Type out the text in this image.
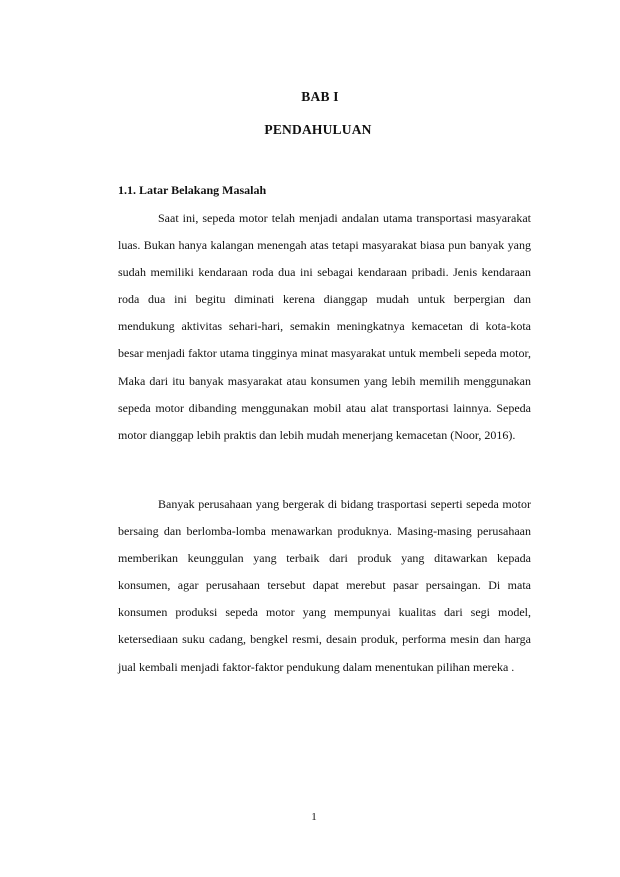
BAB I
PENDAHULUAN
1.1. Latar Belakang Masalah

Saat ini, sepeda motor telah menjadi andalan utama transportasi masyarakat luas. Bukan hanya kalangan menengah atas tetapi masyarakat biasa pun banyak yang sudah memiliki kendaraan roda dua ini sebagai kendaraan pribadi. Jenis kendaraan roda dua ini begitu diminati kerena dianggap mudah untuk berpergian dan mendukung aktivitas sehari-hari, semakin meningkatnya kemacetan di kota-kota besar menjadi faktor utama tingginya minat masyarakat untuk membeli sepeda motor, Maka dari itu banyak masyarakat atau konsumen yang lebih memilih menggunakan sepeda motor dibanding menggunakan mobil atau alat transportasi lainnya. Sepeda motor dianggap lebih praktis dan lebih mudah menerjang kemacetan (Noor, 2016).

Banyak perusahaan yang bergerak di bidang trasportasi seperti sepeda motor bersaing dan berlomba-lomba menawarkan produknya. Masing-masing perusahaan memberikan keunggulan yang terbaik dari produk yang ditawarkan kepada konsumen, agar perusahaan tersebut dapat merebut pasar persaingan. Di mata konsumen produksi sepeda motor yang mempunyai kualitas dari segi model, ketersediaan suku cadang, bengkel resmi, desain produk, performa mesin dan harga jual kembali menjadi faktor-faktor pendukung dalam menentukan pilihan mereka .

1
